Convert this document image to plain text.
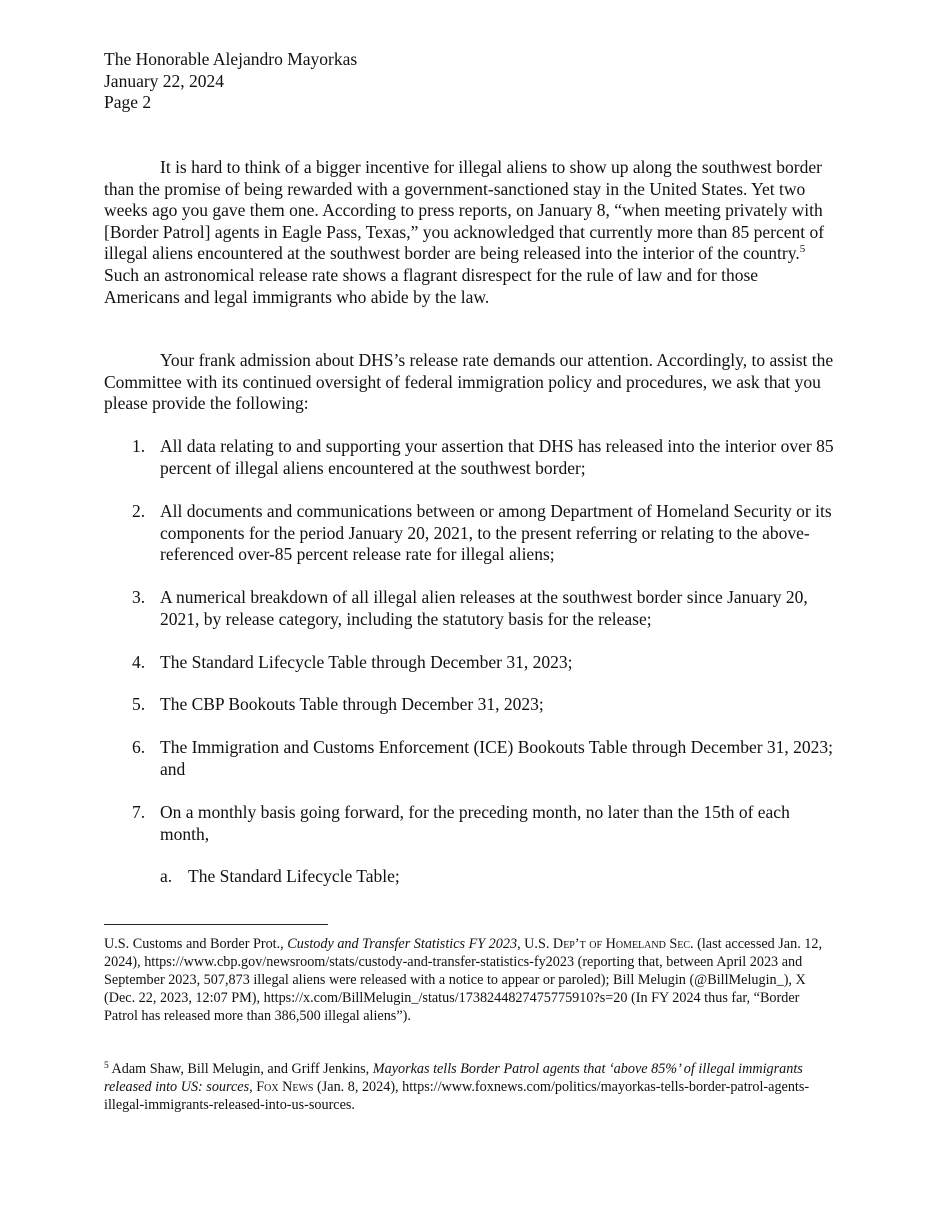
The Honorable Alejandro Mayorkas
January 22, 2024
Page 2

It is hard to think of a bigger incentive for illegal aliens to show up along the southwest border than the promise of being rewarded with a government-sanctioned stay in the United States. Yet two weeks ago you gave them one. According to press reports, on January 8, “when meeting privately with [Border Patrol] agents in Eagle Pass, Texas,” you acknowledged that currently more than 85 percent of illegal aliens encountered at the southwest border are being released into the interior of the country.$^5$ Such an astronomical release rate shows a flagrant disrespect for the rule of law and for those Americans and legal immigrants who abide by the law.

Your frank admission about DHS’s release rate demands our attention. Accordingly, to assist the Committee with its continued oversight of federal immigration policy and procedures, we ask that you please provide the following:

1. All data relating to and supporting your assertion that DHS has released into the interior over 85 percent of illegal aliens encountered at the southwest border;
2. All documents and communications between or among Department of Homeland Security or its components for the period January 20, 2021, to the present referring or relating to the above-referenced over-85 percent release rate for illegal aliens;
3. A numerical breakdown of all illegal alien releases at the southwest border since January 20, 2021, by release category, including the statutory basis for the release;
4. The Standard Lifecycle Table through December 31, 2023;
5. The CBP Bookouts Table through December 31, 2023;
6. The Immigration and Customs Enforcement (ICE) Bookouts Table through December 31, 2023; and
7. On a monthly basis going forward, for the preceding month, no later than the 15th of each month,
a. The Standard Lifecycle Table;
U.S. Customs and Border Prot., Custody and Transfer Statistics FY 2023, U.S. Dep’t of Homeland Sec. (last accessed Jan. 12, 2024), https://www.cbp.gov/newsroom/stats/custody-and-transfer-statistics-fy2023 (reporting that, between April 2023 and September 2023, 507,873 illegal aliens were released with a notice to appear or paroled); Bill Melugin (@BillMelugin_), X (Dec. 22, 2023, 12:07 PM), https://x.com/BillMelugin_/status/1738244827475775910?s=20 (In FY 2024 thus far, “Border Patrol has released more than 386,500 illegal aliens”).
$^5$ Adam Shaw, Bill Melugin, and Griff Jenkins, Mayorkas tells Border Patrol agents that ‘above 85%’ of illegal immigrants released into US: sources, Fox News (Jan. 8, 2024), https://www.foxnews.com/politics/mayorkas-tells-border-patrol-agents-illegal-immigrants-released-into-us-sources.
